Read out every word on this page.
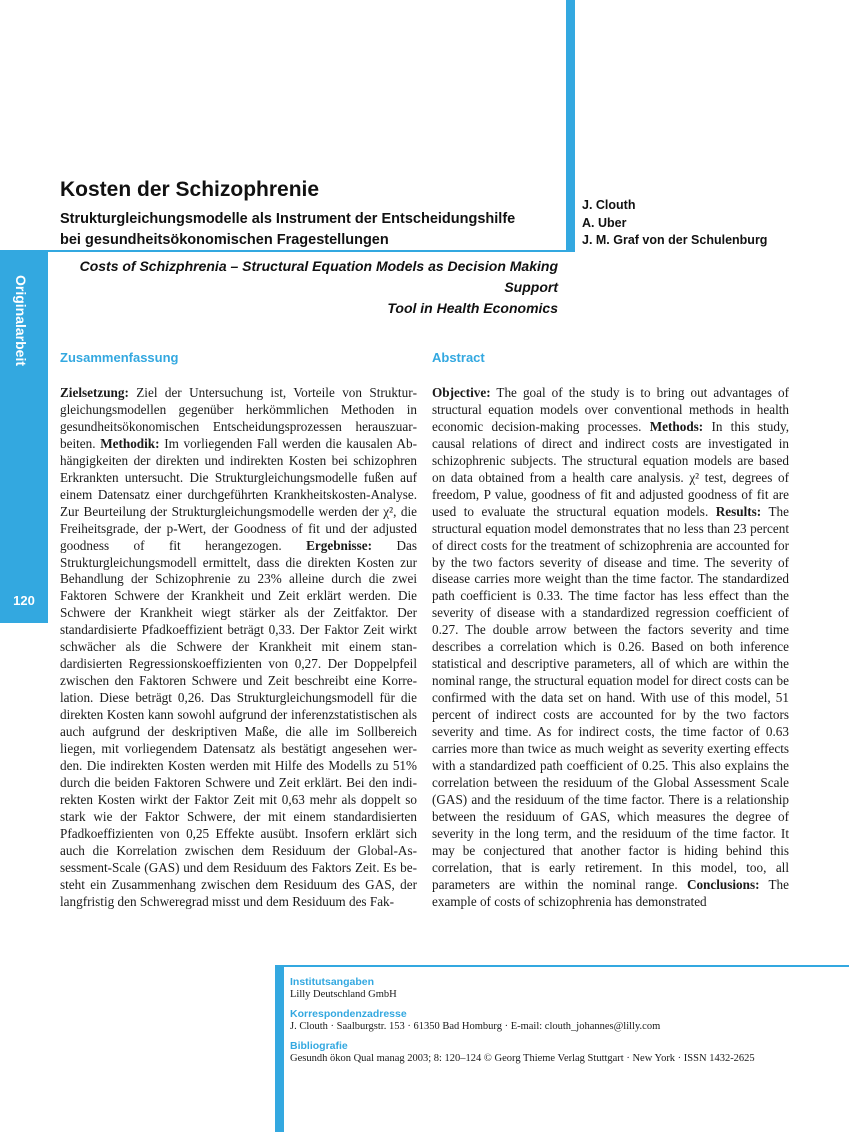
Originalarbeit
120
Kosten der Schizophrenie

Strukturgleichungsmodelle als Instrument der Entscheidungshilfe bei gesundheitsökonomischen Fragestellungen

J. Clouth
A. Uber
J. M. Graf von der Schulenburg

Costs of Schizphrenia – Structural Equation Models as Decision Making Support
Tool in Health Economics

Zusammenfassung

Zielsetzung: Ziel der Untersuchung ist, Vorteile von Strukturgleichungsmodellen gegenüber herkömmlichen Methoden in gesundheitsökonomischen Entscheidungsprozessen herauszuarbeiten. Methodik: Im vorliegenden Fall werden die kausalen Abhängigkeiten der direkten und indirekten Kosten bei schizophren Erkrankten untersucht. Die Strukturgleichungsmodelle fußen auf einem Datensatz einer durchgeführten Krankheitskosten-Analyse. Zur Beurteilung der Strukturgleichungsmodelle werden der χ², die Freiheitsgrade, der p-Wert, der Goodness of fit und der adjusted goodness of fit herangezogen. Ergebnisse: Das Strukturgleichungsmodell ermittelt, dass die direkten Kosten zur Behandlung der Schizophrenie zu 23% alleine durch die zwei Faktoren Schwere der Krankheit und Zeit erklärt werden. Die Schwere der Krankheit wiegt stärker als der Zeitfaktor. Der standardisierte Pfadkoeffizient beträgt 0,33. Der Faktor Zeit wirkt schwächer als die Schwere der Krankheit mit einem standardisierten Regressionskoeffizienten von 0,27. Der Doppelpfeil zwischen den Faktoren Schwere und Zeit beschreibt eine Korrelation. Diese beträgt 0,26. Das Strukturgleichungsmodell für die direkten Kosten kann sowohl aufgrund der inferenzstatistischen als auch aufgrund der deskriptiven Maße, die alle im Sollbereich liegen, mit vorliegendem Datensatz als bestätigt angesehen werden. Die indirekten Kosten werden mit Hilfe des Modells zu 51% durch die beiden Faktoren Schwere und Zeit erklärt. Bei den indirekten Kosten wirkt der Faktor Zeit mit 0,63 mehr als doppelt so stark wie der Faktor Schwere, der mit einem standardisierten Pfadkoeffizienten von 0,25 Effekte ausübt. Insofern erklärt sich auch die Korrelation zwischen dem Residuum der Global-Assessment-Scale (GAS) und dem Residuum des Faktors Zeit. Es besteht ein Zusammenhang zwischen dem Residuum des GAS, der langfristig den Schweregrad misst und dem Residuum des Fak-

Abstract

Objective: The goal of the study is to bring out advantages of structural equation models over conventional methods in health economic decision-making processes. Methods: In this study, causal relations of direct and indirect costs are investigated in schizophrenic subjects. The structural equation models are based on data obtained from a health care analysis. χ² test, degrees of freedom, P value, goodness of fit and adjusted goodness of fit are used to evaluate the structural equation models. Results: The structural equation model demonstrates that no less than 23 percent of direct costs for the treatment of schizophrenia are accounted for by the two factors severity of disease and time. The severity of disease carries more weight than the time factor. The standardized path coefficient is 0.33. The time factor has less effect than the severity of disease with a standardized regression coefficient of 0.27. The double arrow between the factors severity and time describes a correlation which is 0.26. Based on both inference statistical and descriptive parameters, all of which are within the nominal range, the structural equation model for direct costs can be confirmed with the data set on hand. With use of this model, 51 percent of indirect costs are accounted for by the two factors severity and time. As for indirect costs, the time factor of 0.63 carries more than twice as much weight as severity exerting effects with a standardized path coefficient of 0.25. This also explains the correlation between the residuum of the Global Assessment Scale (GAS) and the residuum of the time factor. There is a relationship between the residuum of GAS, which measures the degree of severity in the long term, and the residuum of the time factor. It may be conjectured that another factor is hiding behind this correlation, that is early retirement. In this model, too, all parameters are within the nominal range. Conclusions: The example of costs of schizophrenia has demonstrated

Institutsangaben
Lilly Deutschland GmbH
Korrespondenzadresse
J. Clouth · Saalburgstr. 153 · 61350 Bad Homburg · E-mail: clouth_johannes@lilly.com
Bibliografie
Gesundh ökon Qual manag 2003; 8: 120–124 © Georg Thieme Verlag Stuttgart · New York · ISSN 1432-2625
